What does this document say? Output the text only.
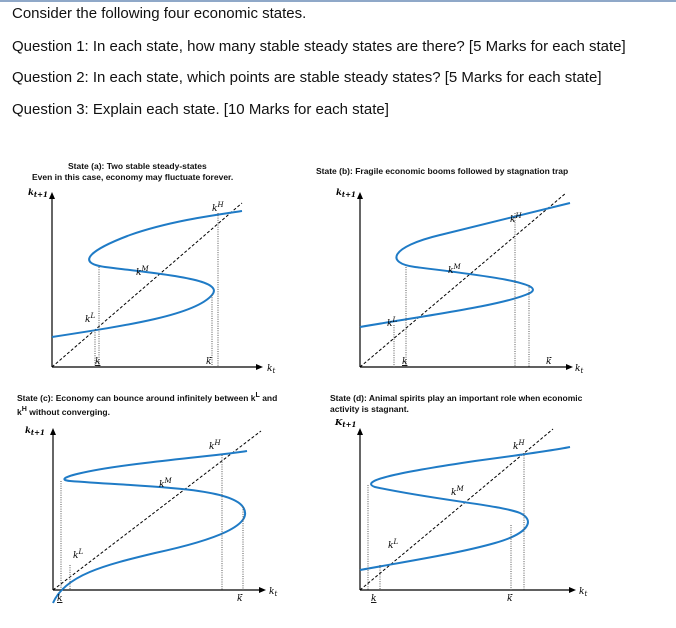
Consider the following four economic states.
Question 1: In each state, how many stable steady states are there? [5 Marks for each state]
Question 2: In each state, which points are stable steady states? [5 Marks for each state]
Question 3: Explain each state. [10 Marks for each state]
State (a): Two stable steady-states
Even in this case, economy may fluctuate forever.
State (b): Fragile economic booms followed by stagnation trap
State (c): Economy can bounce around infinitely between $k^L$ and
$k^H$ without converging.
State (d): Animal spirits play an important role when economic
activity is stagnant.
$k_{t+1}$
$k_t$
$k^L$
$k^M$
$k^H$
k	k
$k_{t+1}$
$k_t$
$k^L$
$k^M$
$k^H$
k	k
$k_{t+1}$
$k_t$
$k^L$
$k^M$
$k^H$
k	k
$K_{t+1}$
$k_t$
$k^L$
$k^M$
$k^H$
k	k
